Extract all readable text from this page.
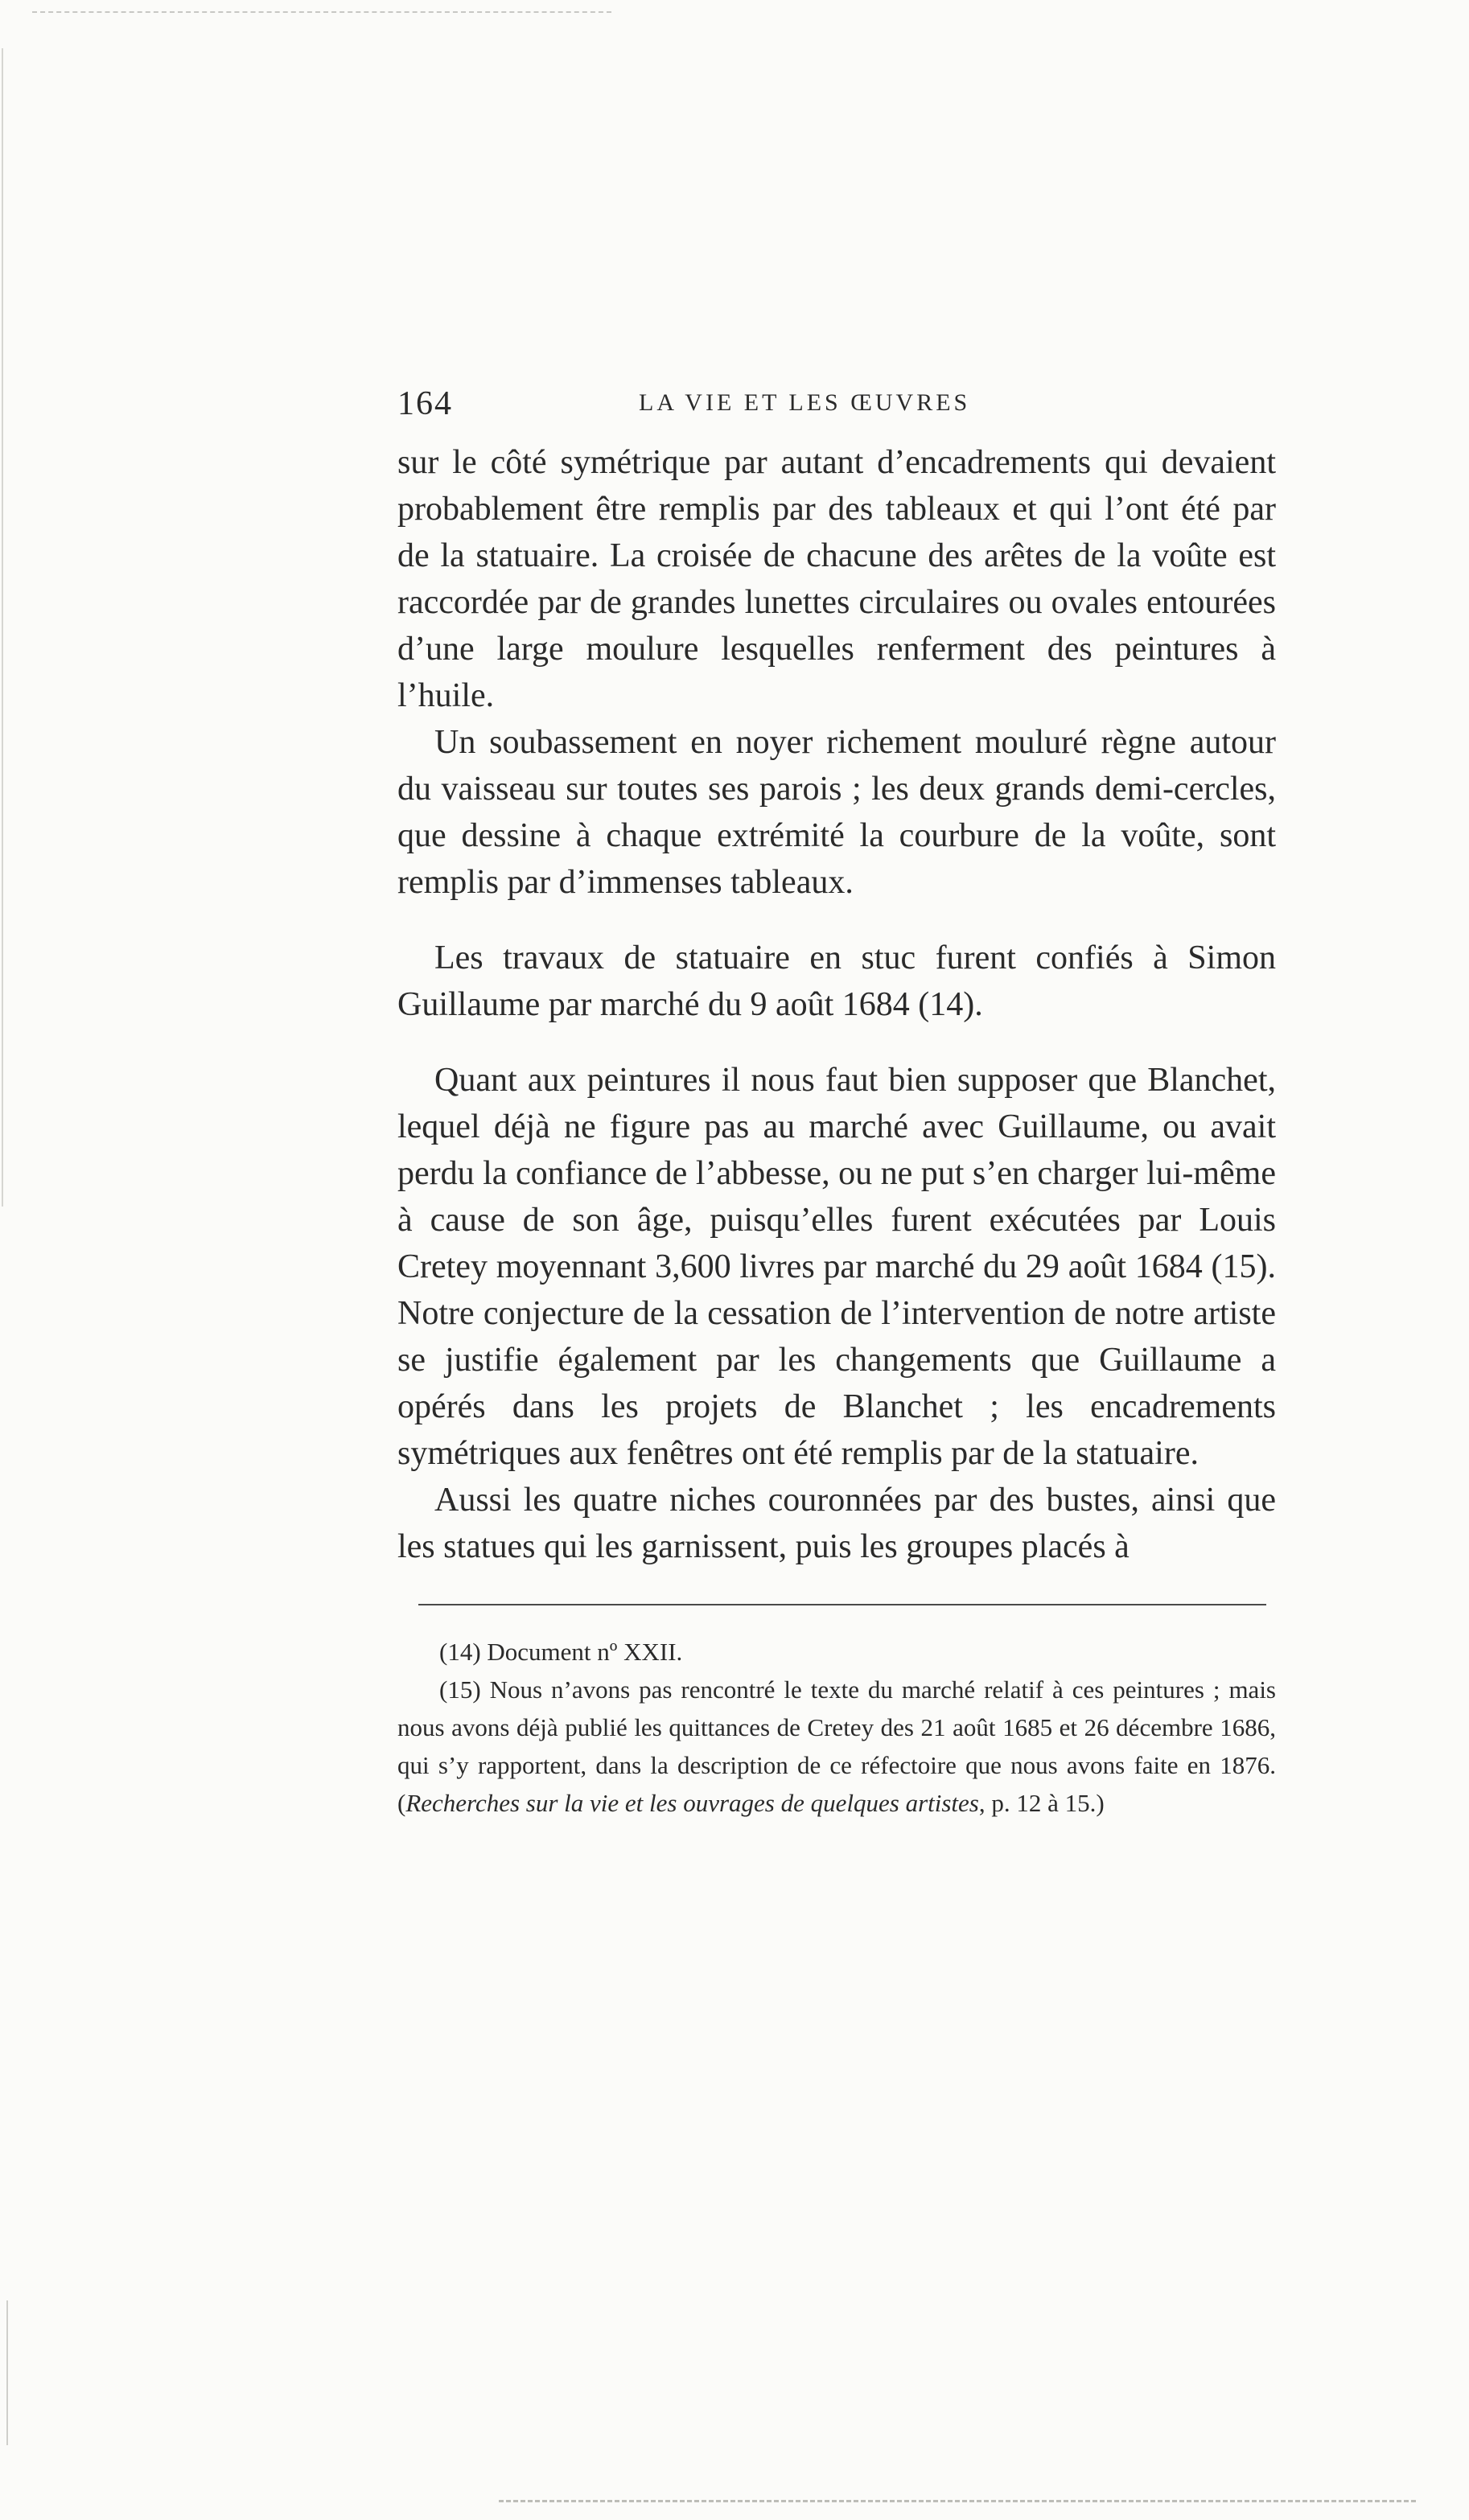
164	LA VIE ET LES ŒUVRES

sur le côté symétrique par autant d’encadrements qui devaient probablement être remplis par des tableaux et qui l’ont été par de la statuaire. La croisée de chacune des arêtes de la voûte est raccordée par de grandes lunettes circulaires ou ovales entourées d’une large moulure lesquelles renferment des peintures à l’huile.

Un soubassement en noyer richement mouluré règne autour du vaisseau sur toutes ses parois ; les deux grands demi-cercles, que dessine à chaque extrémité la courbure de la voûte, sont remplis par d’immenses tableaux.

Les travaux de statuaire en stuc furent confiés à Simon Guillaume par marché du 9 août 1684 (14).

Quant aux peintures il nous faut bien supposer que Blanchet, lequel déjà ne figure pas au marché avec Guillaume, ou avait perdu la confiance de l’abbesse, ou ne put s’en charger lui-même à cause de son âge, puisqu’elles furent exécutées par Louis Cretey moyennant 3,600 livres par marché du 29 août 1684 (15). Notre conjecture de la cessation de l’intervention de notre artiste se justifie également par les changements que Guillaume a opérés dans les projets de Blanchet ; les encadrements symétriques aux fenêtres ont été remplis par de la statuaire.

Aussi les quatre niches couronnées par des bustes, ainsi que les statues qui les garnissent, puis les groupes placés à

(14) Document nº XXII.

(15) Nous n’avons pas rencontré le texte du marché relatif à ces peintures ; mais nous avons déjà publié les quittances de Cretey des 21 août 1685 et 26 décembre 1686, qui s’y rapportent, dans la description de ce réfectoire que nous avons faite en 1876. (Recherches sur la vie et les ouvrages de quelques artistes, p. 12 à 15.)
